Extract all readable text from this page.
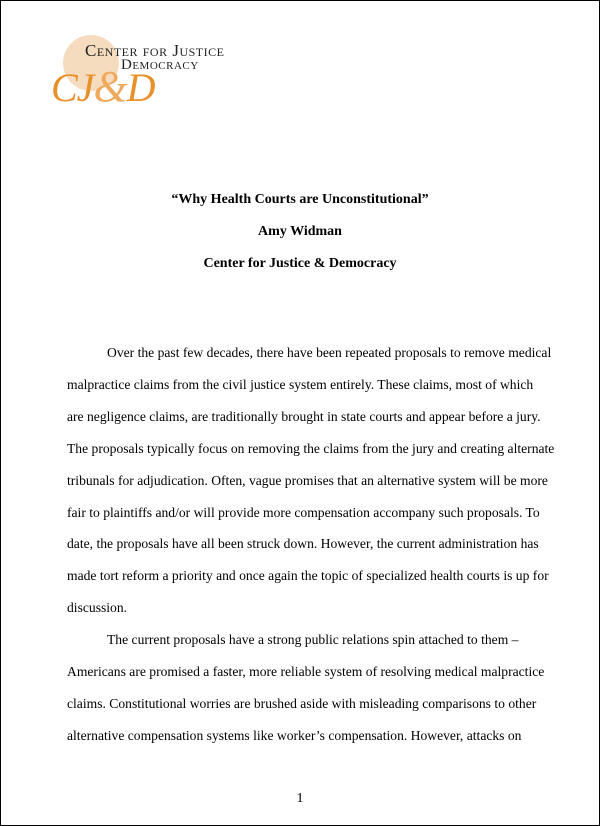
Center for Justice
Democracy
CJ&D

“Why Health Courts are Unconstitutional”

Amy Widman

Center for Justice & Democracy

Over the past few decades, there have been repeated proposals to remove medical
malpractice claims from the civil justice system entirely. These claims, most of which
are negligence claims, are traditionally brought in state courts and appear before a jury.
The proposals typically focus on removing the claims from the jury and creating alternate
tribunals for adjudication. Often, vague promises that an alternative system will be more
fair to plaintiffs and/or will provide more compensation accompany such proposals. To
date, the proposals have all been struck down. However, the current administration has
made tort reform a priority and once again the topic of specialized health courts is up for
discussion.

The current proposals have a strong public relations spin attached to them –
Americans are promised a faster, more reliable system of resolving medical malpractice
claims. Constitutional worries are brushed aside with misleading comparisons to other
alternative compensation systems like worker’s compensation. However, attacks on

1
